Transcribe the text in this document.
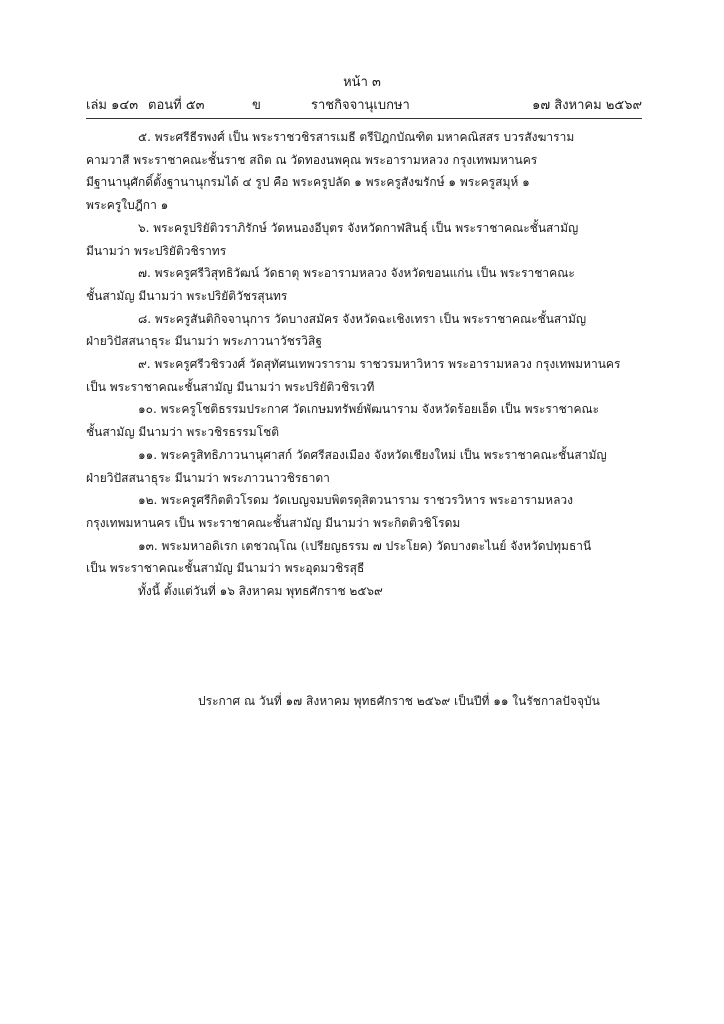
หน้า ๓
เล่ม ๑๔๓ ตอนที่ ๕๓	ข	ราชกิจจานุเบกษา	๑๗ สิงหาคม ๒๕๖๙

๕. พระศรีธีรพงศ์ เป็น พระราชวชิรสารเมธี ตรีปิฎกบัณฑิต มหาคณิสสร บวรสังฆาราม
คามวาสี พระราชาคณะชั้นราช สถิต ณ วัดทองนพคุณ พระอารามหลวง กรุงเทพมหานคร
มีฐานานุศักดิ์ตั้งฐานานุกรมได้ ๔ รูป คือ พระครูปลัด ๑ พระครูสังฆรักษ์ ๑ พระครูสมุห์ ๑
พระครูใบฎีกา ๑

๖. พระครูปริยัติวราภิรักษ์ วัดหนองอีบุตร จังหวัดกาฬสินธุ์ เป็น พระราชาคณะชั้นสามัญ
มีนามว่า พระปริยัติวชิราทร

๗. พระครูศรีวิสุทธิวัฒน์ วัดธาตุ พระอารามหลวง จังหวัดขอนแก่น เป็น พระราชาคณะ
ชั้นสามัญ มีนามว่า พระปริยัติวัชรสุนทร

๘. พระครูสันติกิจจานุการ วัดบางสมัคร จังหวัดฉะเชิงเทรา เป็น พระราชาคณะชั้นสามัญ
ฝ่ายวิปัสสนาธุระ มีนามว่า พระภาวนาวัชรวิสิฐ

๙. พระครูศรีวชิรวงศ์ วัดสุทัศนเทพวราราม ราชวรมหาวิหาร พระอารามหลวง กรุงเทพมหานคร
เป็น พระราชาคณะชั้นสามัญ มีนามว่า พระปริยัติวชิรเวที

๑๐. พระครูโชติธรรมประกาศ วัดเกษมทรัพย์พัฒนาราม จังหวัดร้อยเอ็ด เป็น พระราชาคณะ
ชั้นสามัญ มีนามว่า พระวชิรธรรมโชติ

๑๑. พระครูสิทธิภาวนานุศาสก์ วัดศรีสองเมือง จังหวัดเชียงใหม่ เป็น พระราชาคณะชั้นสามัญ
ฝ่ายวิปัสสนาธุระ มีนามว่า พระภาวนาวชิรธาดา

๑๒. พระครูศรีกิตติวโรดม วัดเบญจมบพิตรดุสิตวนาราม ราชวรวิหาร พระอารามหลวง
กรุงเทพมหานคร เป็น พระราชาคณะชั้นสามัญ มีนามว่า พระกิตติวชิโรดม

๑๓. พระมหาอดิเรก เตชวณฺโณ (เปรียญธรรม ๗ ประโยค) วัดบางตะไนย์ จังหวัดปทุมธานี
เป็น พระราชาคณะชั้นสามัญ มีนามว่า พระอุดมวชิรสุธี

ทั้งนี้ ตั้งแต่วันที่ ๑๖ สิงหาคม พุทธศักราช ๒๕๖๙

ประกาศ ณ วันที่ ๑๗ สิงหาคม พุทธศักราช ๒๕๖๙ เป็นปีที่ ๑๑ ในรัชกาลปัจจุบัน
